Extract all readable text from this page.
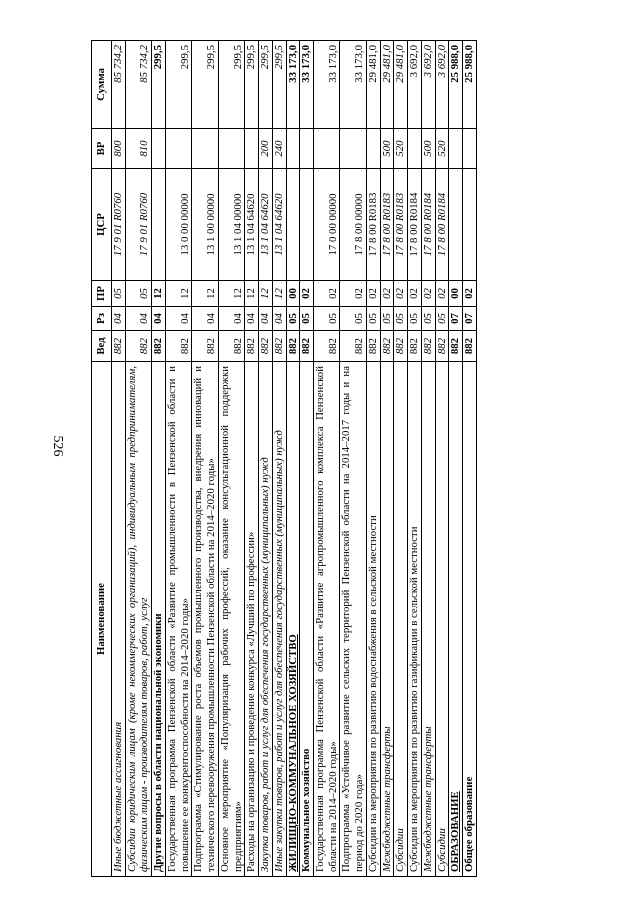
526
Наименование	Вед	Рз	ПР	ЦСР	ВР	Сумма
Иные бюджетные ассигнования	882	04	05	17 9 01 R0760	800	85 734,2
Субсидии юридическим лицам (кроме некоммерческих организаций), индивидуальным предпринимателям, физическим лицам - производителям товаров, работ, услуг	882	04	05	17 9 01 R0760	810	85 734,2
Другие вопросы в области национальной экономики	882	04	12			299,5
Государственная программа Пензенской области «Развитие промышленности в Пензенской области и повышение ее конкурентоспособности на 2014–2020 годы»	882	04	12	13 0 00 00000		299,5
Подпрограмма «Стимулирование роста объемов промышленного производства, внедрения инноваций и технического перевооружения промышленности Пензенской области на 2014–2020 годы»	882	04	12	13 1 00 00000		299,5
Основное мероприятие «Популяризация рабочих профессий, оказание консультационной поддержки предприятиям»	882	04	12	13 1 04 00000		299,5
Расходы на организацию и проведение конкурса «Лучший по профессии»	882	04	12	13 1 04 64620		299,5
Закупка товаров, работ и услуг для обеспечения государственных (муниципальных) нужд	882	04	12	13 1 04 64620	200	299,5
Иные закупки товаров, работ и услуг для обеспечения государственных (муниципальных) нужд	882	04	12	13 1 04 64620	240	299,5
ЖИЛИЩНО-КОММУНАЛЬНОЕ ХОЗЯЙСТВО	882	05	00			33 173,0
Коммунальное хозяйство	882	05	02			33 173,0
Государственная программа Пензенской области «Развитие агропромышленного комплекса Пензенской области на 2014–2020 годы»	882	05	02	17 0 00 00000		33 173,0
Подпрограмма «Устойчивое развитие сельских территорий Пензенской области на 2014–2017 годы и на период до 2020 года»	882	05	02	17 8 00 00000		33 173,0
Субсидии на мероприятия по развитию водоснабжения в сельской местности	882	05	02	17 8 00 R0183		29 481,0
Межбюджетные трансферты	882	05	02	17 8 00 R0183	500	29 481,0
Субсидии	882	05	02	17 8 00 R0183	520	29 481,0
Субсидии на мероприятия по развитию газификации в сельской местности	882	05	02	17 8 00 R0184		3 692,0
Межбюджетные трансферты	882	05	02	17 8 00 R0184	500	3 692,0
Субсидии	882	05	02	17 8 00 R0184	520	3 692,0
ОБРАЗОВАНИЕ	882	07	00			25 988,0
Общее образование	882	07	02			25 988,0
